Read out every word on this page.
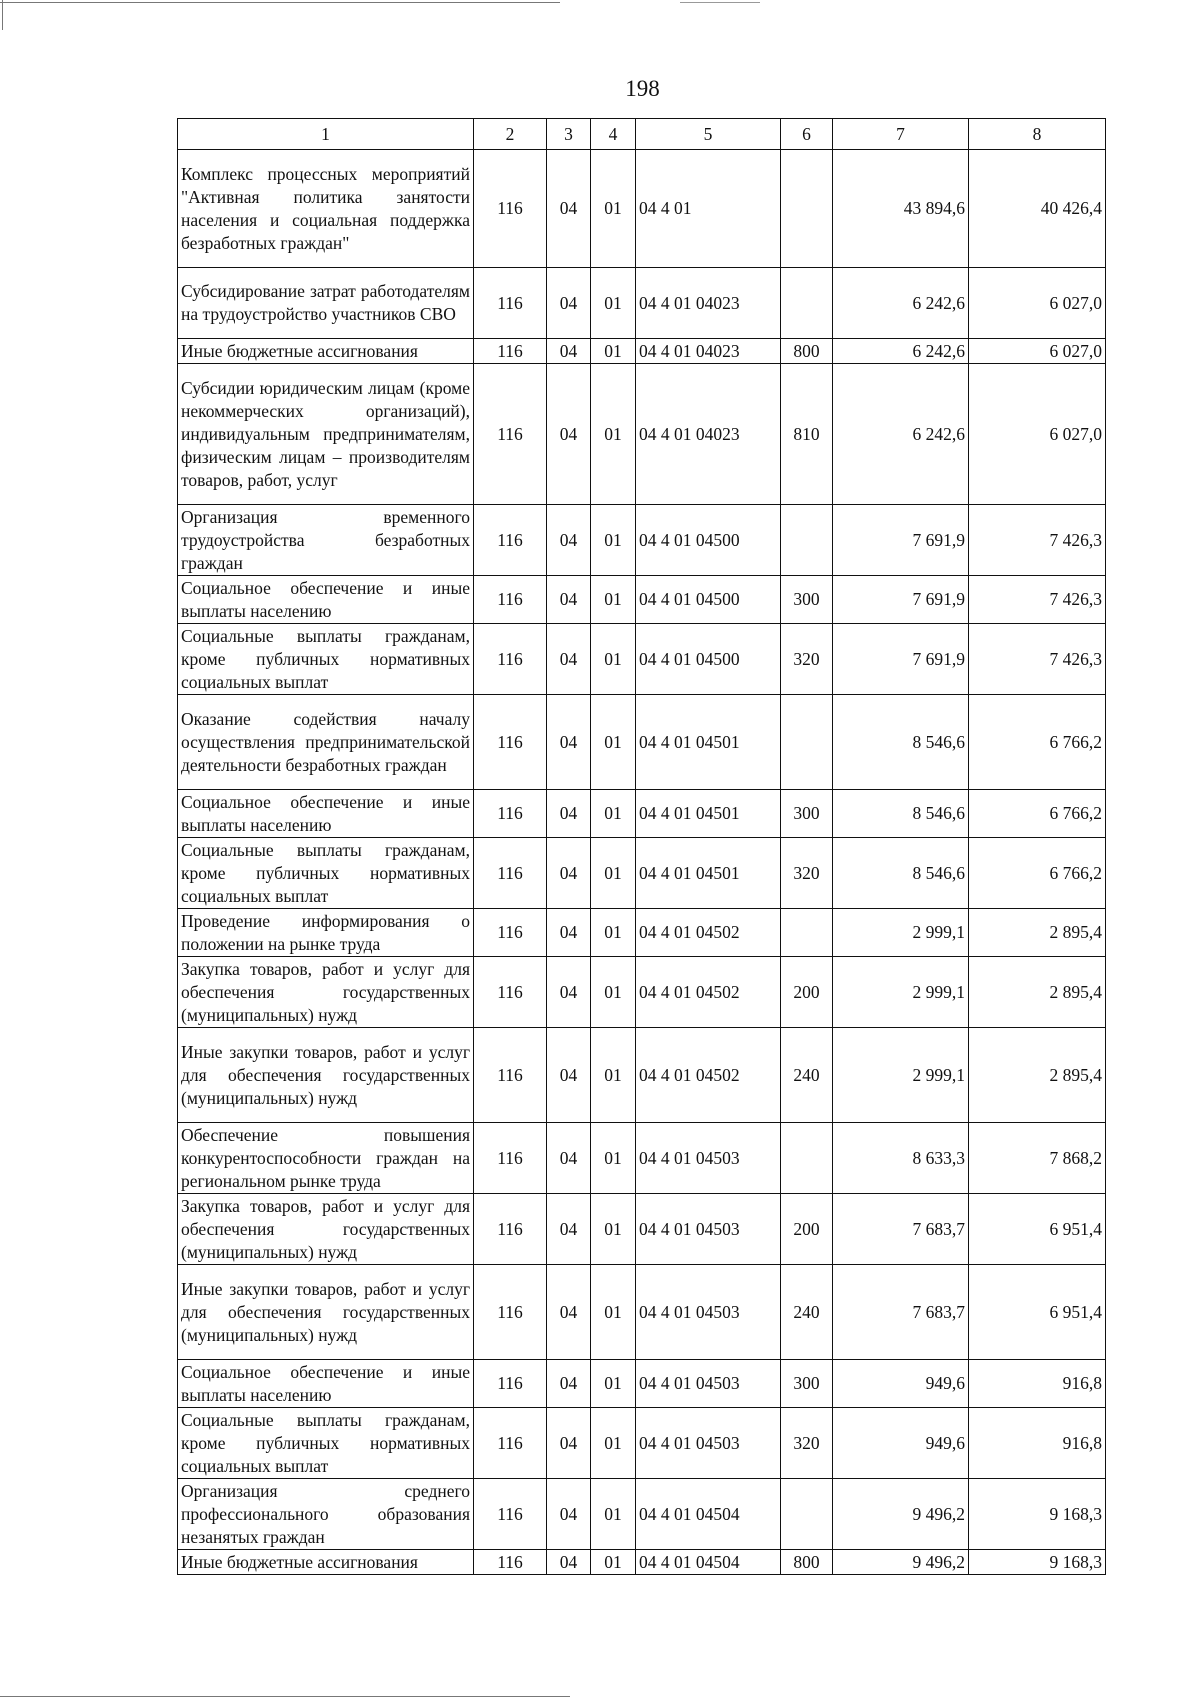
198
1	2	3	4	5	6	7	8
Комплекс процессных мероприятий "Активная политика занятости населения и социальная поддержка безработных граждан"	116	04	01	04 4 01		43 894,6	40 426,4
Субсидирование затрат работодателям на трудоустройство участников СВО	116	04	01	04 4 01 04023		6 242,6	6 027,0
Иные бюджетные ассигнования	116	04	01	04 4 01 04023	800	6 242,6	6 027,0
Субсидии юридическим лицам (кроме некоммерческих организаций), индивидуальным предпринимателям, физическим лицам – производителям товаров, работ, услуг	116	04	01	04 4 01 04023	810	6 242,6	6 027,0
Организация временного трудоустройства безработных граждан	116	04	01	04 4 01 04500		7 691,9	7 426,3
Социальное обеспечение и иные выплаты населению	116	04	01	04 4 01 04500	300	7 691,9	7 426,3
Социальные выплаты гражданам, кроме публичных нормативных социальных выплат	116	04	01	04 4 01 04500	320	7 691,9	7 426,3
Оказание содействия началу осуществления предпринимательской деятельности безработных граждан	116	04	01	04 4 01 04501		8 546,6	6 766,2
Социальное обеспечение и иные выплаты населению	116	04	01	04 4 01 04501	300	8 546,6	6 766,2
Социальные выплаты гражданам, кроме публичных нормативных социальных выплат	116	04	01	04 4 01 04501	320	8 546,6	6 766,2
Проведение информирования о положении на рынке труда	116	04	01	04 4 01 04502		2 999,1	2 895,4
Закупка товаров, работ и услуг для обеспечения государственных (муниципальных) нужд	116	04	01	04 4 01 04502	200	2 999,1	2 895,4
Иные закупки товаров, работ и услуг для обеспечения государственных (муниципальных) нужд	116	04	01	04 4 01 04502	240	2 999,1	2 895,4
Обеспечение повышения конкурентоспособности граждан на региональном рынке труда	116	04	01	04 4 01 04503		8 633,3	7 868,2
Закупка товаров, работ и услуг для обеспечения государственных (муниципальных) нужд	116	04	01	04 4 01 04503	200	7 683,7	6 951,4
Иные закупки товаров, работ и услуг для обеспечения государственных (муниципальных) нужд	116	04	01	04 4 01 04503	240	7 683,7	6 951,4
Социальное обеспечение и иные выплаты населению	116	04	01	04 4 01 04503	300	949,6	916,8
Социальные выплаты гражданам, кроме публичных нормативных социальных выплат	116	04	01	04 4 01 04503	320	949,6	916,8
Организация среднего профессионального образования незанятых граждан	116	04	01	04 4 01 04504		9 496,2	9 168,3
Иные бюджетные ассигнования	116	04	01	04 4 01 04504	800	9 496,2	9 168,3
